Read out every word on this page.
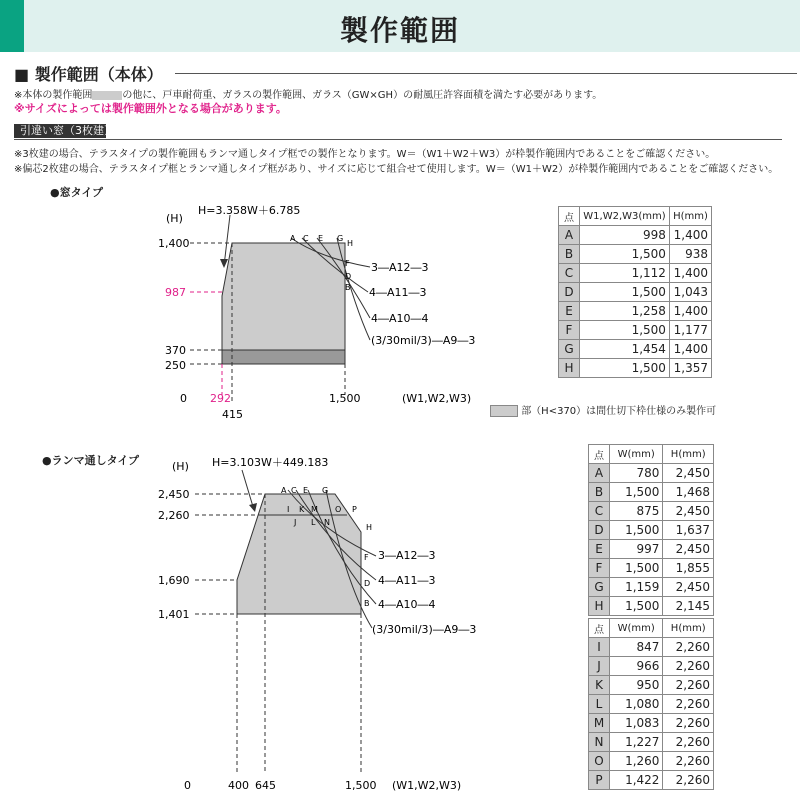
製作範囲
■ 製作範囲（本体）
※本体の製作範囲	の他に、戸車耐荷重、ガラスの製作範囲、ガラス（GW×GH）の耐風圧許容面積を満たす必要があります。
※サイズによっては製作範囲外となる場合があります。
引違い窓（3枚建）
※3枚建の場合、テラスタイプの製作範囲もランマ通しタイプ框での製作となります。W＝（W1＋W2＋W3）が枠製作範囲内であることをご確認ください。
※偏芯2枚建の場合、テラスタイプ框とランマ通しタイプ框があり、サイズに応じて組合せて使用します。W＝（W1＋W2）が枠製作範囲内であることをご確認ください。
●窓タイプ
●ランマ通しタイプ
(H)
H=3.358W＋6.785
1,400
987
370
250
0 292
415
1,500	(W1,W2,W3)
A C E G
H
F
D
B
3―A12―3
4―A11―3
4―A10―4
(3/30mil/3)―A9―3
(H) H=3.103W＋449.183
2,450
2,260
1,690
1,401
0	400 645	1,500 (W1,W2,W3)
A C E G
I K M O P
J L N
H
F
D
B
3―A12―3
4―A11―3
4―A10―4
(3/30mil/3)―A9―3
点	W1,W2,W3(mm)	H(mm)
A	998	1,400
B	1,500	938
C	1,112	1,400
D	1,500	1,043
E	1,258	1,400
F	1,500	1,177
G	1,454	1,400
H	1,500	1,357
部（H<370）は間仕切下枠仕様のみ製作可
点	W(mm)	H(mm)
A	780	2,450
B	1,500	1,468
C	875	2,450
D	1,500	1,637
E	997	2,450
F	1,500	1,855
G	1,159	2,450
H	1,500	2,145
点	W(mm)	H(mm)
I	847	2,260
J	966	2,260
K	950	2,260
L	1,080	2,260
M	1,083	2,260
N	1,227	2,260
O	1,260	2,260
P	1,422	2,260
